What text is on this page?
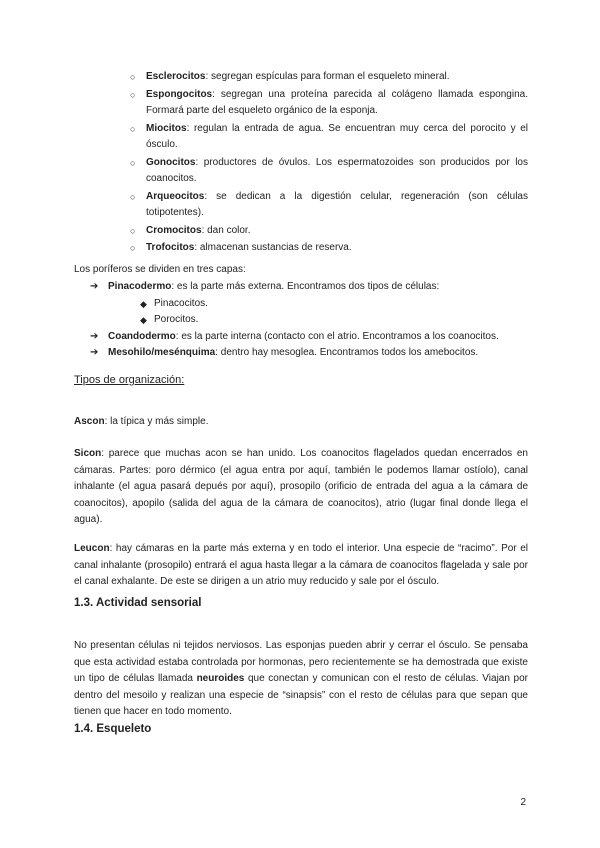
○ Esclerocitos: segregan espículas para forman el esqueleto mineral.
○ Espongocitos: segregan una proteína parecida al colágeno llamada espongina. Formará parte del esqueleto orgánico de la esponja.
○ Miocitos: regulan la entrada de agua. Se encuentran muy cerca del porocito y el ósculo.
○ Gonocitos: productores de óvulos. Los espermatozoides son producidos por los coanocitos.
○ Arqueocitos: se dedican a la digestión celular, regeneración (son células totipotentes).
○ Cromocitos: dan color.
○ Trofocitos: almacenan sustancias de reserva.
Los poríferos se dividen en tres capas:
➔ Pinacodermo: es la parte más externa. Encontramos dos tipos de células:
◆ Pinacocitos.
◆ Porocitos.
➔ Coandodermo: es la parte interna (contacto con el atrio. Encontramos a los coanocitos.
➔ Mesohilo/mesénquima: dentro hay mesoglea. Encontramos todos los amebocitos.
Tipos de organización:

Ascon: la típica y más simple.

Sicon: parece que muchas acon se han unido. Los coanocitos flagelados quedan encerrados en cámaras. Partes: poro dérmico (el agua entra por aquí, también le podemos llamar ostíolo), canal inhalante (el agua pasará depués por aquí), prosopilo (orificio de entrada del agua a la cámara de coanocitos), apopilo (salida del agua de la cámara de coanocitos), atrio (lugar final donde llega el agua).

Leucon: hay cámaras en la parte más externa y en todo el interior. Una especie de “racimo”. Por el canal inhalante (prosopilo) entrará el agua hasta llegar a la cámara de coanocitos flagelada y sale por el canal exhalante. De este se dirigen a un atrio muy reducido y sale por el ósculo.

1.3. Actividad sensorial

No presentan células ni tejidos nerviosos. Las esponjas pueden abrir y cerrar el ósculo. Se pensaba que esta actividad estaba controlada por hormonas, pero recientemente se ha demostrada que existe un tipo de células llamada neuroides que conectan y comunican con el resto de células. Viajan por dentro del mesoilo y realizan una especie de “sinapsis” con el resto de células para que sepan que tienen que hacer en todo momento.

1.4. Esqueleto
2
